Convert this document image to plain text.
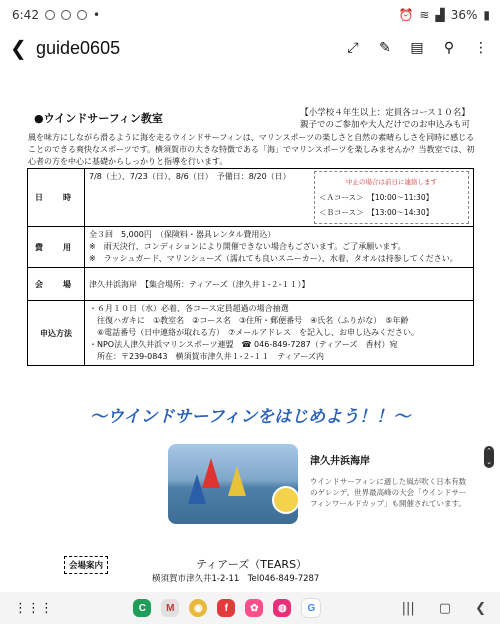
6:42	•	⏰ ≋ ▟ 36% ▮
❮ guide0605	⤢ ✎ ▤ ⚲ ⋮
●ウインドサーフィン教室	【小学校４年生以上：定員各コース１０名】
親子でのご参加や大人だけでのお申込みも可
風を味方にしながら滑るように海を走るウインドサーフィンは、マリンスポーツの楽しさと自然の素晴らしさを同時に感じることのできる爽快なスポーツです。横須賀市の大きな特徴である「海」でマリンスポーツを楽しみませんか？当教室では、初心者の方を中心に基礎からしっかりと指導を行います。
日　時	7/8（土）、7/23（日）、8/6（日）　予備日：8/20（日）
中止の場合は前日に連絡します
＜Ａコース＞　【10:00～11:30】
＜Ｂコース＞　【13:00～14:30】

費　用	全３回　5,000円　（保険料・器具レンタル費用込）
※　雨天決行、コンディションにより開催できない場合もございます。ご了承願います。
※　ラッシュガード、マリンシューズ（濡れても良いスニーカー）、水着、タオルは持参してください。

会　場	津久井浜海岸　【集合場所：ティアーズ（津久井１-２-１１）】
申込方法	・６月１０日（水）必着、各コース定員超過の場合抽選
　往復ハガキに　①教室名　②コース名　③住所・郵便番号　④氏名（ふりがな）　⑤年齢
　⑥電話番号（日中連絡が取れる方）　⑦メールアドレス　を記入し、お申し込みください。
・NPO法人津久井浜マリンスポーツ連盟　☎ 046-849-7287（ティアーズ　香村）宛
　所在：〒239-0843　横須賀市津久井１-２-１１　ティアーズ内
～ウインドサーフィンをはじめよう！！～
津久井浜海岸
ウインドサーフィンに適した風が吹く日本有数のゲレンデ。世界最高峰の大会「ウインドサーフィンワールドカップ」も開催されています。
会場案内	ティアーズ（TEARS）
横須賀市津久井1-2-11　Tel046-849-7287
⌃
⌄
⋮⋮⋮	C	M	◉	f	✿	◍	G	||| ▢ ❮
